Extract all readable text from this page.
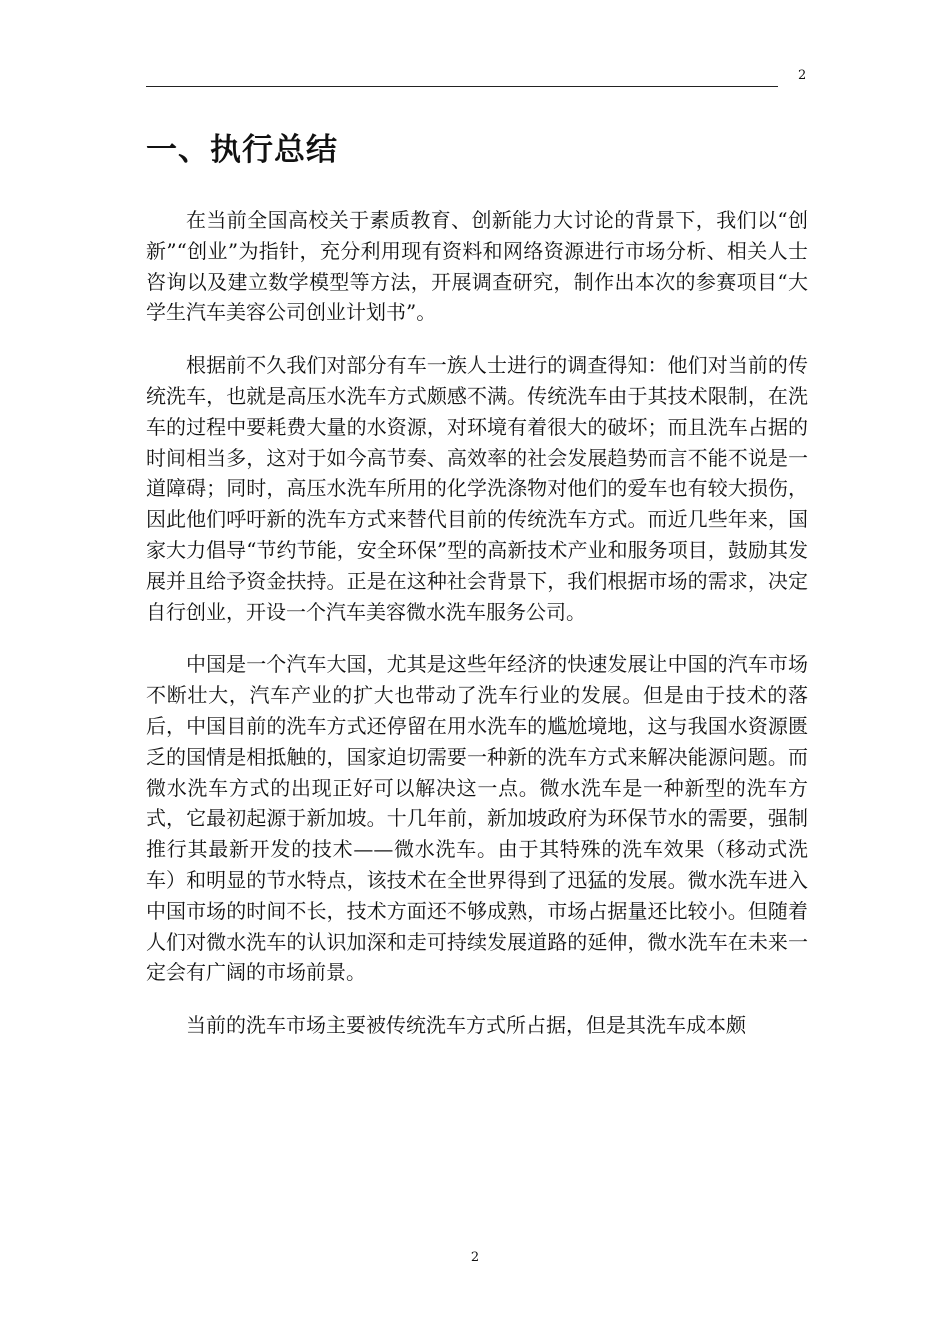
2
一、执行总结

在当前全国高校关于素质教育、创新能力大讨论的背景下，我们以“创新”“创业”为指针，充分利用现有资料和网络资源进行市场分析、相关人士咨询以及建立数学模型等方法，开展调查研究，制作出本次的参赛项目“大学生汽车美容公司创业计划书”。

根据前不久我们对部分有车一族人士进行的调查得知：他们对当前的传统洗车，也就是高压水洗车方式颇感不满。传统洗车由于其技术限制，在洗车的过程中要耗费大量的水资源，对环境有着很大的破坏；而且洗车占据的时间相当多，这对于如今高节奏、高效率的社会发展趋势而言不能不说是一道障碍；同时，高压水洗车所用的化学洗涤物对他们的爱车也有较大损伤，因此他们呼吁新的洗车方式来替代目前的传统洗车方式。而近几些年来，国家大力倡导“节约节能，安全环保”型的高新技术产业和服务项目，鼓励其发展并且给予资金扶持。正是在这种社会背景下，我们根据市场的需求，决定自行创业，开设一个汽车美容微水洗车服务公司。

中国是一个汽车大国，尤其是这些年经济的快速发展让中国的汽车市场不断壮大，汽车产业的扩大也带动了洗车行业的发展。但是由于技术的落后，中国目前的洗车方式还停留在用水洗车的尴尬境地，这与我国水资源匮乏的国情是相抵触的，国家迫切需要一种新的洗车方式来解决能源问题。而微水洗车方式的出现正好可以解决这一点。微水洗车是一种新型的洗车方式，它最初起源于新加坡。十几年前，新加坡政府为环保节水的需要，强制推行其最新开发的技术——微水洗车。由于其特殊的洗车效果（移动式洗车）和明显的节水特点，该技术在全世界得到了迅猛的发展。微水洗车进入中国市场的时间不长，技术方面还不够成熟，市场占据量还比较小。但随着人们对微水洗车的认识加深和走可持续发展道路的延伸，微水洗车在未来一定会有广阔的市场前景。

当前的洗车市场主要被传统洗车方式所占据，但是其洗车成本颇

2
